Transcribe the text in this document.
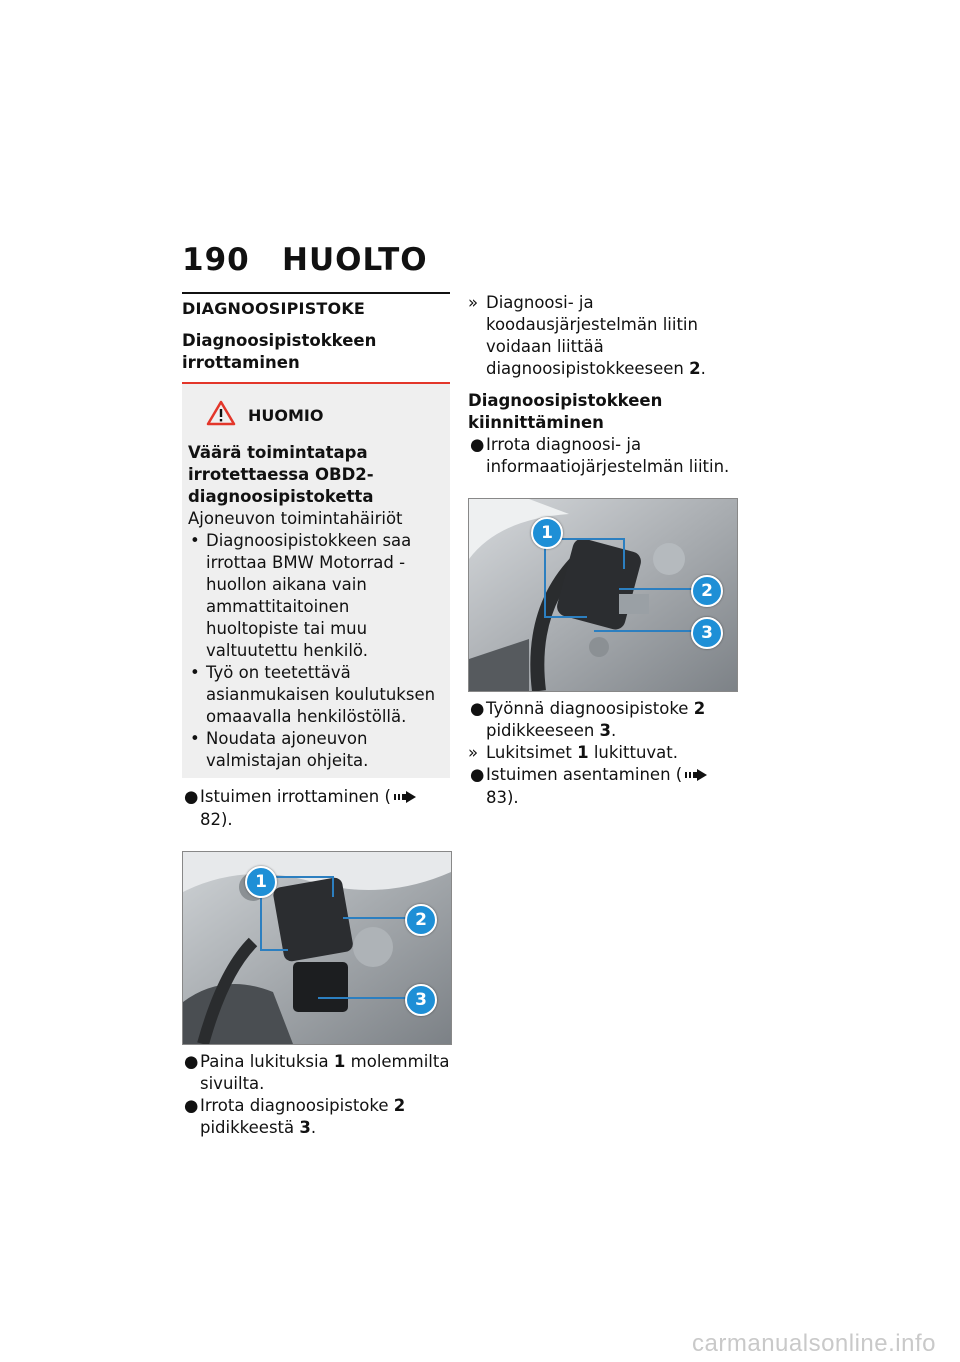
190	HUOLTO
DIAGNOOSIPISTOKE
Diagnoosipistokkeen irrottaminen
HUOMIO
Väärä toimintatapa irrotettaessa OBD2-diagnoosipistoketta
Ajoneuvon toimintahäiriöt
• Diagnoosipistokkeen saa irrottaa BMW Motorrad -huollon aikana vain ammattitaitoinen huoltopiste tai muu valtuutettu henkilö.
• Työ on teetettävä asianmukaisen koulutuksen omaavalla henkilöstöllä.
• Noudata ajoneuvon valmistajan ohjeita.
● Istuimen irrottaminen (82).
1
2
3
● Paina lukituksia 1 molemmilta sivuilta.
● Irrota diagnoosipistoke 2 pidikkeestä 3.
» Diagnoosi- ja koodausjärjestelmän liitin voidaan liittää diagnoosipistokkeeseen 2.
Diagnoosipistokkeen kiinnittäminen
● Irrota diagnoosi- ja informaatiojärjestelmän liitin.
1
2
3
● Työnnä diagnoosipistoke 2 pidikkeeseen 3.
» Lukitsimet 1 lukittuvat.
● Istuimen asentaminen (83).
carmanualsonline.info
